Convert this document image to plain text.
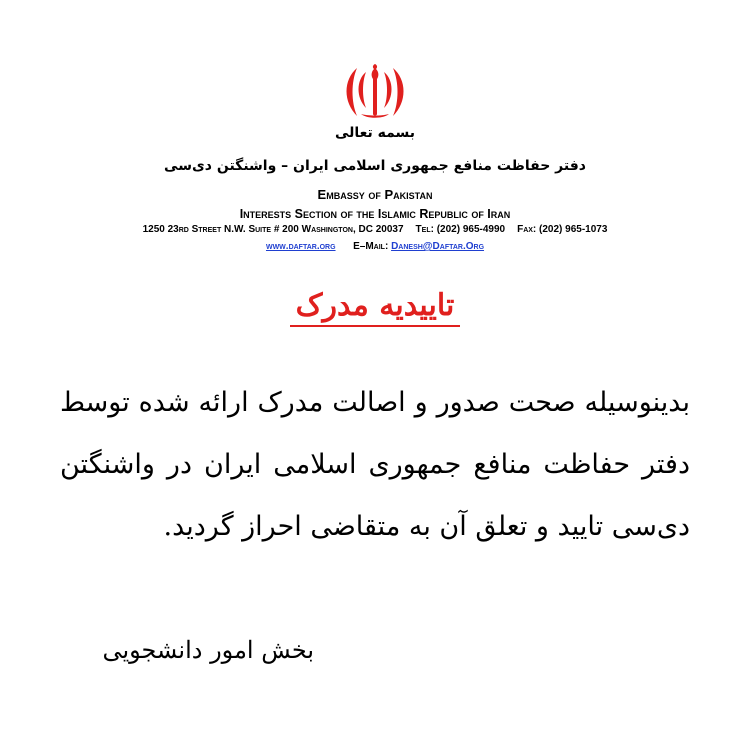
بسمه تعالی
دفتر حفاظت منافع جمهوری اسلامی ایران – واشنگتن دی‌سی
Embassy of Pakistan
Interests Section of the Islamic Republic of Iran
1250 23rd Street N.W. Suite # 200 Washington, DC 20037 Tel: (202) 965-4990 Fax: (202) 965-1073
www.daftar.org E–Mail: Danesh@Daftar.Org
تاییدیه مدرک
بدینوسیله صحت صدور و اصالت مدرک ارائه شده توسط دفتر حفاظت منافع جمهوری اسلامی ایران در واشنگتن دی‌سی تایید و تعلق آن به متقاضی احراز گردید.
بخش امور دانشجویی
